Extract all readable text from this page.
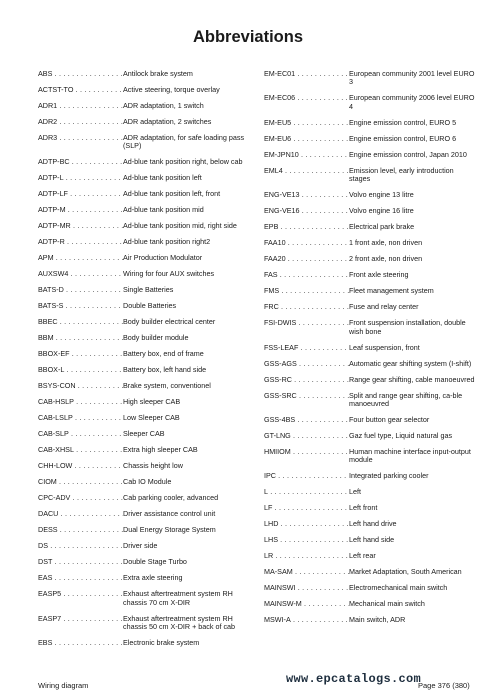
Abbreviations
ABS . . .	Antilock brake system
ACTST-TO . . .	Active steering, torque overlay
ADR1 . . .	ADR adaptation, 1 switch
ADR2 . . .	ADR adaptation, 2 switches
ADR3 . . .	ADR adaptation, for safe loading pass (SLP)
ADTP-BC . . .	Ad-blue tank position right, below cab
ADTP-L . . .	Ad-blue tank position left
ADTP-LF . . .	Ad-blue tank position left, front
ADTP-M . . .	Ad-blue tank position mid
ADTP-MR . . .	Ad-blue tank position mid, right side
ADTP-R . . .	Ad-blue tank position right2
APM . . .	Air Production Modulator
AUXSW4 . . .	Wiring for four AUX switches
BATS-D . . .	Single Batteries
BATS-S . . .	Double Batteries
BBEC . . .	Body builder electrical center
BBM . . .	Body builder module
BBOX-EF . . .	Battery box, end of frame
BBOX-L . . .	Battery box, left hand side
BSYS-CON . . .	Brake system, conventionel
CAB-HSLP . . .	High sleeper CAB
CAB-LSLP . . .	Low Sleeper CAB
CAB-SLP . . .	Sleeper CAB
CAB-XHSL . . .	Extra high sleeper CAB
CHH-LOW . . .	Chassis height low
CIOM . . .	Cab IO Module
CPC-ADV . . .	Cab parking cooler, advanced
DACU . . .	Driver assistance control unit
DESS . . .	Dual Energy Storage System
DS . . .	Driver side
DST . . .	Double Stage Turbo
EAS . . .	Extra axle steering
EASP5 . . .	Exhaust aftertreatment system RH chassis 70 cm X-DIR
EASP7 . . .	Exhaust aftertreatment system RH chassis 50 cm X-DIR + back of cab
EBS . . .	Electronic brake system
EM-EC01 . . .	European community 2001 level EURO 3
EM-EC06 . . .	European community 2006 level EURO 4
EM-EU5 . . .	Engine emission control, EURO 5
EM-EU6 . . .	Engine emission control, EURO 6
EM-JPN10 . . .	Engine emission control, Japan 2010
EML4 . . .	Emission level, early introduction stages
ENG-VE13 . . .	Volvo engine 13 litre
ENG-VE16 . . .	Volvo engine 16 litre
EPB . . .	Electrical park brake
FAA10 . . .	1 front axle, non driven
FAA20 . . .	2 front axle, non driven
FAS . . .	Front axle steering
FMS . . .	Fleet management system
FRC . . .	Fuse and relay center
FSI-DWIS . . .	Front suspension installation, double wish bone
FSS-LEAF . . .	Leaf suspension, front
GSS-AGS . . .	Automatic gear shifting system (I-shift)
GSS-RC . . .	Range gear shifting, cable manoeuvred
GSS-SRC . . .	Split and range gear shifting, ca-ble manoeuvred
GSS-4BS . . .	Four button gear selector
GT-LNG . . .	Gaz fuel type, Liquid natural gas
HMIIOM . . .	Human machine interface input-output module
IPC . . .	Integrated parking cooler
L . . .	Left
LF . . .	Left front
LHD . . .	Left hand drive
LHS . . .	Left hand side
LR . . .	Left rear
MA-SAM . . .	Market Adaptation, South American
MAINSWI . . .	Electromechanical main switch
MAINSW-M . . .	Mechanical main switch
MSWI-A . . .	Main switch, ADR
Wiring diagram	www.epcatalogs.com
Page 376 (380)
